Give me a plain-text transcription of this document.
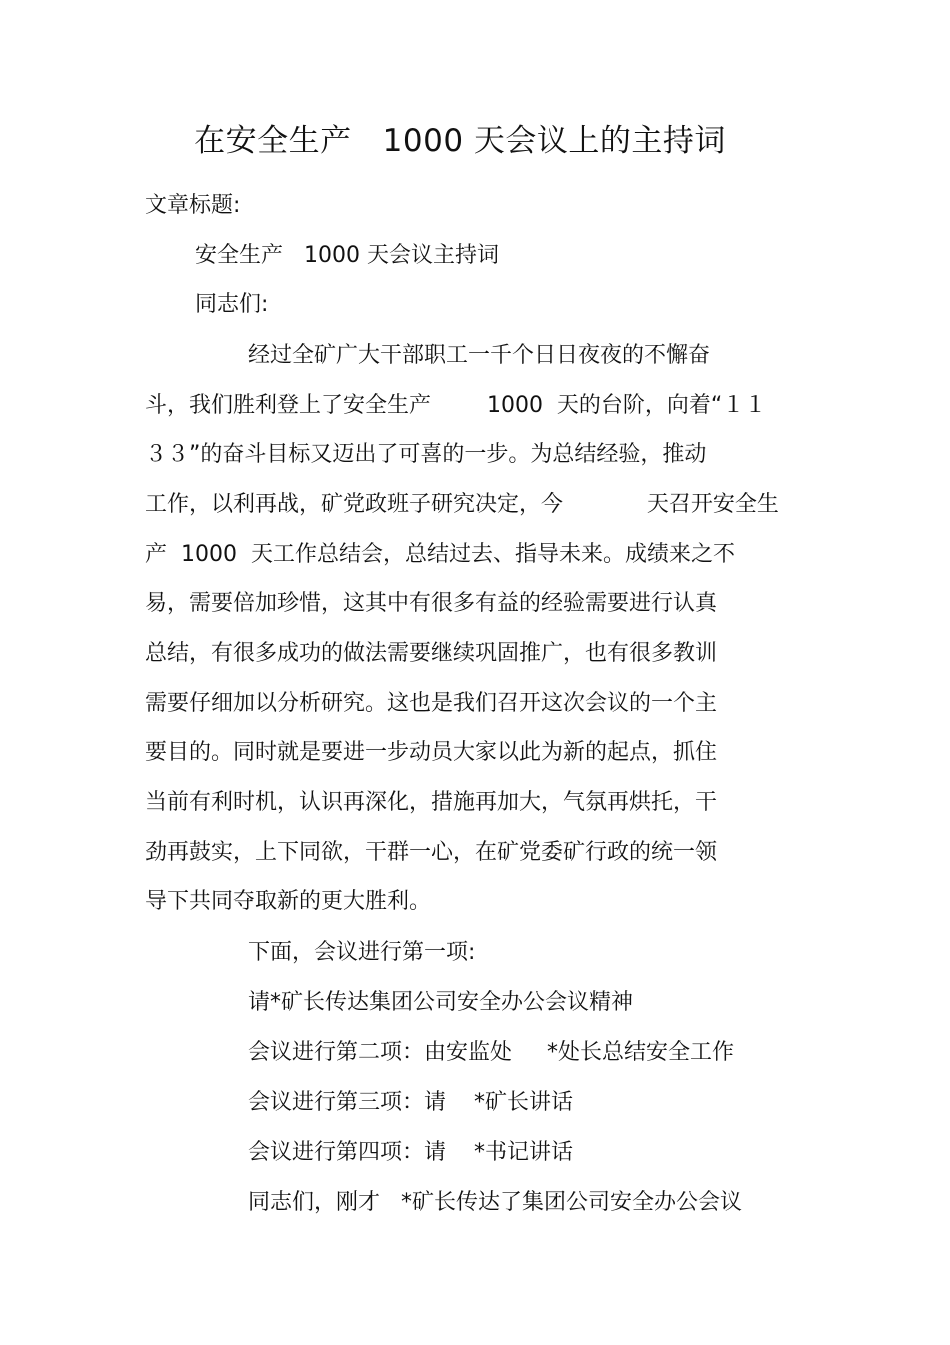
在安全生产   1000 天会议上的主持词
文章标题:
安全生产   1000 天会议主持词
同志们:
经过全矿广大干部职工一千个日日夜夜的不懈奋
斗，我们胜利登上了安全生产        1000  天的台阶，向着“１１
３３”的奋斗目标又迈出了可喜的一步。为总结经验，推动
工作，以利再战，矿党政班子研究决定，今            天召开安全生
产  1000  天工作总结会，总结过去、指导未来。成绩来之不
易，需要倍加珍惜，这其中有很多有益的经验需要进行认真
总结，有很多成功的做法需要继续巩固推广，也有很多教训
需要仔细加以分析研究。这也是我们召开这次会议的一个主
要目的。同时就是要进一步动员大家以此为新的起点，抓住
当前有利时机，认识再深化，措施再加大，气氛再烘托，干
劲再鼓实，上下同欲，干群一心，在矿党委矿行政的统一领
导下共同夺取新的更大胜利。
下面，会议进行第一项:
请*矿长传达集团公司安全办公会议精神
会议进行第二项：由安监处     *处长总结安全工作
会议进行第三项：请    *矿长讲话
会议进行第四项：请    *书记讲话
同志们，刚才   *矿长传达了集团公司安全办公会议
